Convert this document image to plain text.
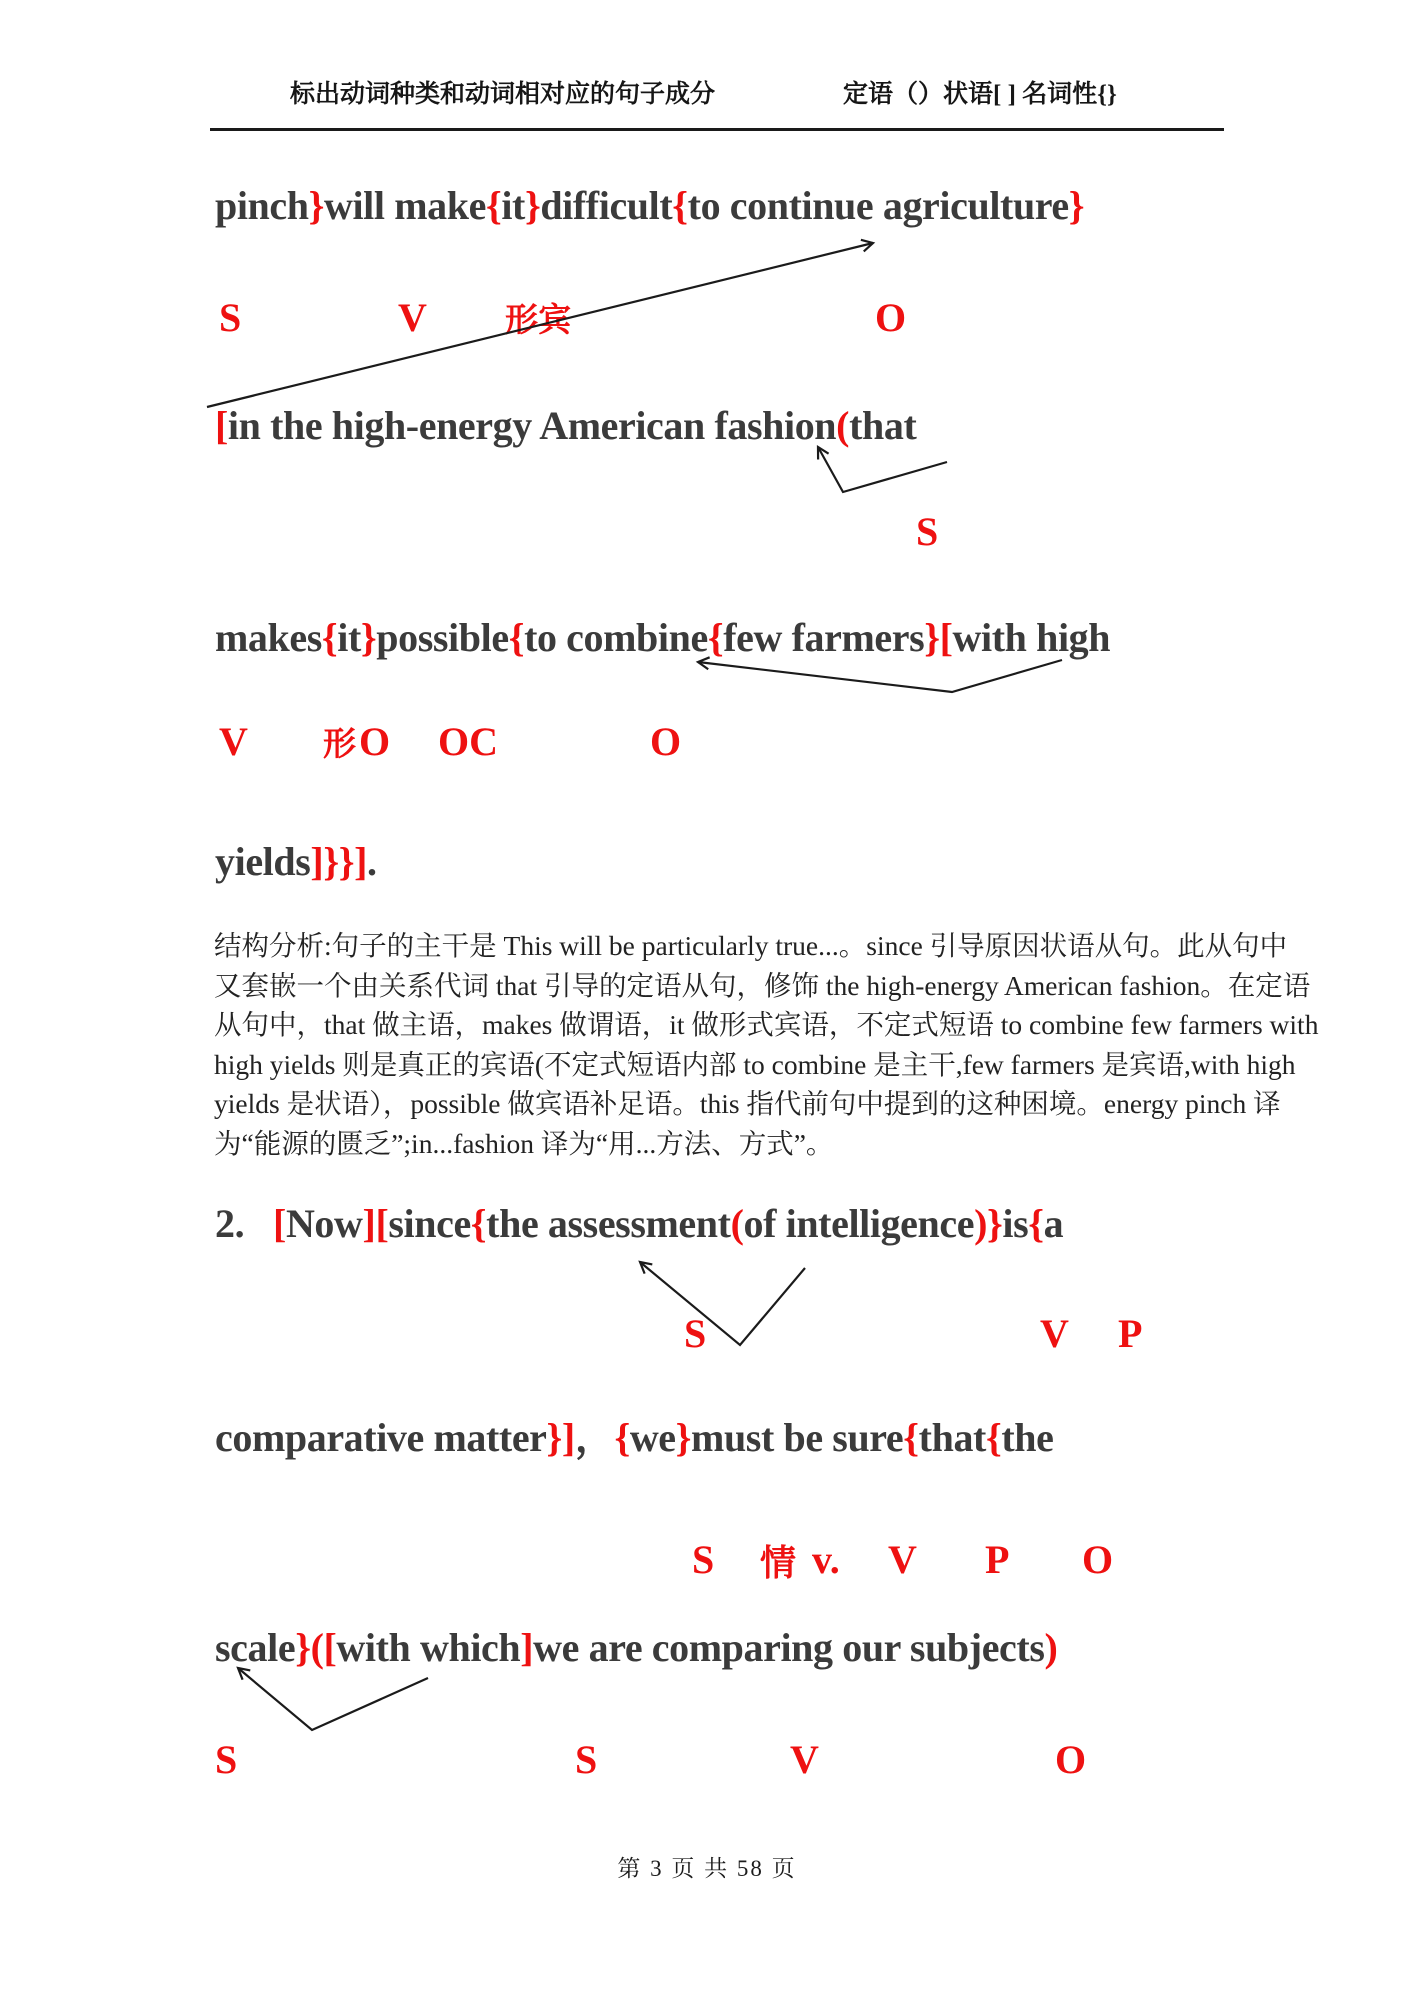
标出动词种类和动词相对应的句子成分	定语（）状语[ ] 名词性{}
pinch}will make{it}difficult{to continue agriculture}
[in the high-energy American fashion(that
makes{it}possible{to combine{few farmers}[with high
yields]}}].
2.   [Now][since{the assessment(of intelligence)}is{a
comparative matter}]，{we}must be sure{that{the
scale}([with which]we are comparing our subjects)
S	V 形宾	O
S
V 形 O OC	O
S	V P
S 情 v. V P O
S	S	V	O
结构分析:句子的主干是 This will be particularly true...。since 引导原因状语从句。此从句中
又套嵌一个由关系代词 that 引导的定语从句，修饰 the high-energy American fashion。在定语
从句中，that 做主语，makes 做谓语，it 做形式宾语，不定式短语 to combine few farmers with
high yields 则是真正的宾语(不定式短语内部 to combine 是主干,few farmers 是宾语,with high
yields 是状语），possible 做宾语补足语。this 指代前句中提到的这种困境。energy pinch 译
为“能源的匮乏”;in...fashion 译为“用...方法、方式”。
第 3 页 共 58 页
